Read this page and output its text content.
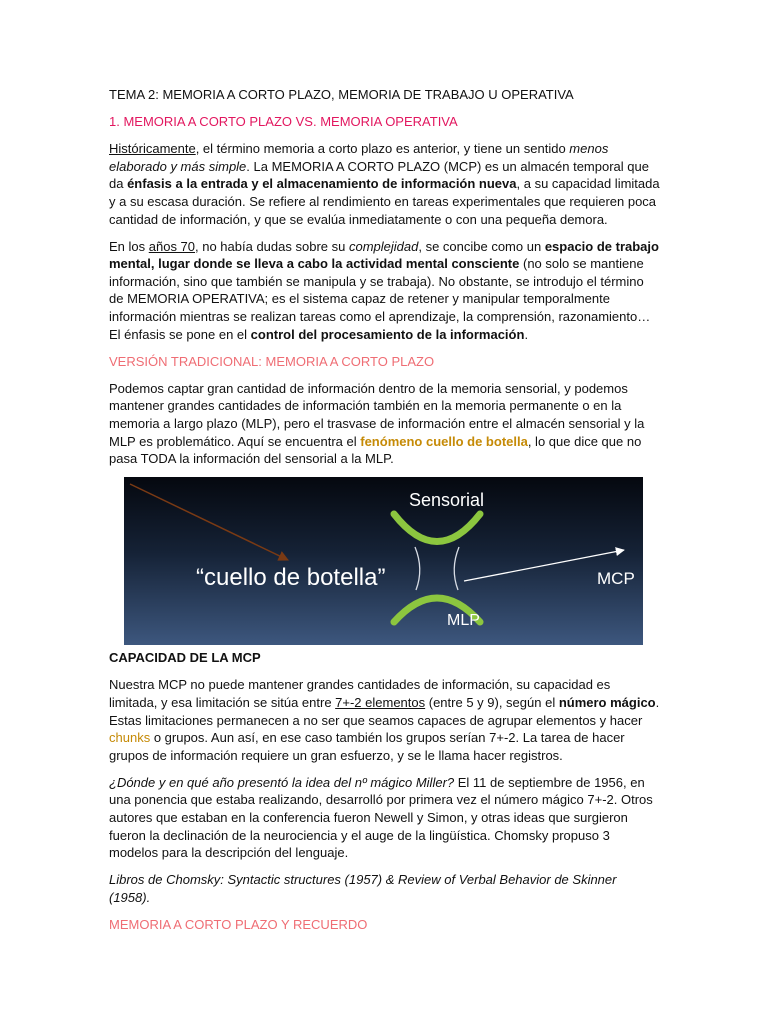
TEMA 2: MEMORIA A CORTO PLAZO, MEMORIA DE TRABAJO U OPERATIVA

1. MEMORIA A CORTO PLAZO VS. MEMORIA OPERATIVA

Históricamente, el término memoria a corto plazo es anterior, y tiene un sentido menos elaborado y más simple. La MEMORIA A CORTO PLAZO (MCP) es un almacén temporal que da énfasis a la entrada y el almacenamiento de información nueva, a su capacidad limitada y a su escasa duración. Se refiere al rendimiento en tareas experimentales que requieren poca cantidad de información, y que se evalúa inmediatamente o con una pequeña demora.

En los años 70, no había dudas sobre su complejidad, se concibe como un espacio de trabajo mental, lugar donde se lleva a cabo la actividad mental consciente (no solo se mantiene información, sino que también se manipula y se trabaja). No obstante, se introdujo el término de MEMORIA OPERATIVA; es el sistema capaz de retener y manipular temporalmente información mientras se realizan tareas como el aprendizaje, la comprensión, razonamiento… El énfasis se pone en el control del procesamiento de la información.

VERSIÓN TRADICIONAL: MEMORIA A CORTO PLAZO

Podemos captar gran cantidad de información dentro de la memoria sensorial, y podemos mantener grandes cantidades de información también en la memoria permanente o en la memoria a largo plazo (MLP), pero el trasvase de información entre el almacén sensorial y la MLP es problemático. Aquí se encuentra el fenómeno cuello de botella, lo que dice que no pasa TODA la información del sensorial a la MLP.

Sensorial
“cuello de botella”	MCP
MLP

CAPACIDAD DE LA MCP

Nuestra MCP no puede mantener grandes cantidades de información, su capacidad es limitada, y esa limitación se sitúa entre 7+-2 elementos (entre 5 y 9), según el número mágico. Estas limitaciones permanecen a no ser que seamos capaces de agrupar elementos y hacer chunks o grupos. Aun así, en ese caso también los grupos serían 7+-2. La tarea de hacer grupos de información requiere un gran esfuerzo, y se le llama hacer registros.

¿Dónde y en qué año presentó la idea del nº mágico Miller? El 11 de septiembre de 1956, en una ponencia que estaba realizando, desarrolló por primera vez el número mágico 7+-2. Otros autores que estaban en la conferencia fueron Newell y Simon, y otras ideas que surgieron fueron la declinación de la neurociencia y el auge de la lingüística. Chomsky propuso 3 modelos para la descripción del lenguaje.

Libros de Chomsky: Syntactic structures (1957) & Review of Verbal Behavior de Skinner (1958).

MEMORIA A CORTO PLAZO Y RECUERDO
